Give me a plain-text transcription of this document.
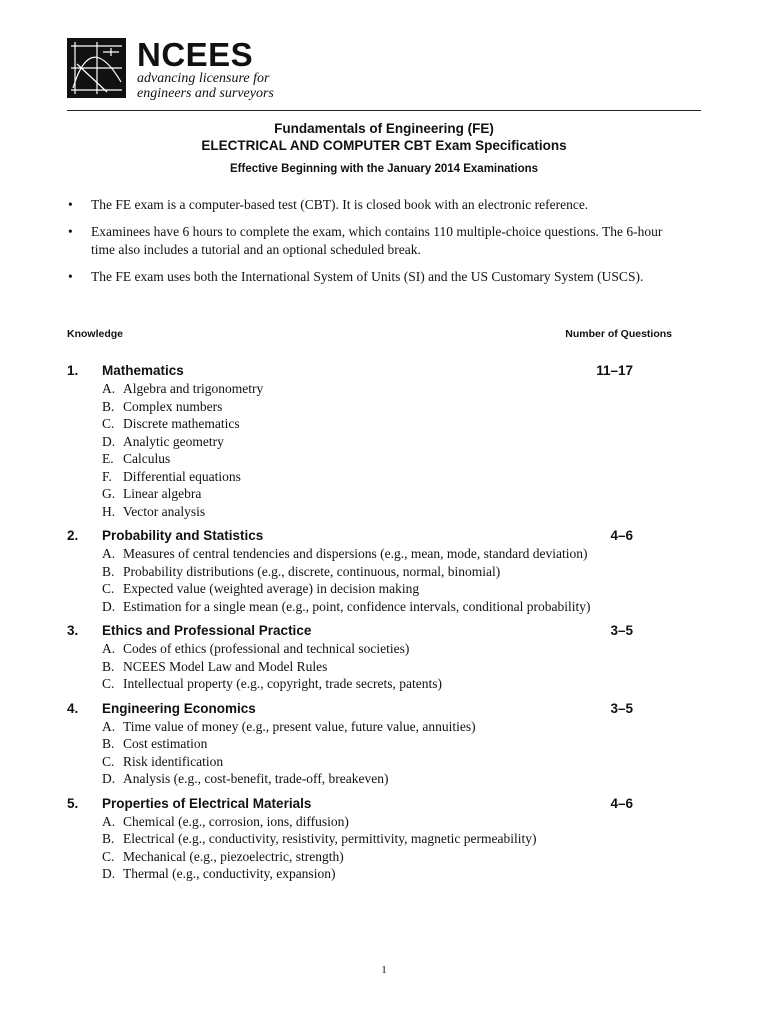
NCEES
advancing licensure for engineers and surveyors
Fundamentals of Engineering (FE)
ELECTRICAL AND COMPUTER CBT Exam Specifications
Effective Beginning with the January 2014 Examinations
• The FE exam is a computer-based test (CBT). It is closed book with an electronic reference.
• Examinees have 6 hours to complete the exam, which contains 110 multiple-choice questions. The 6-hour time also includes a tutorial and an optional scheduled break.
• The FE exam uses both the International System of Units (SI) and the US Customary System (USCS).
Knowledge	Number of Questions
1. Mathematics	11–17
A. Algebra and trigonometry
B. Complex numbers
C. Discrete mathematics
D. Analytic geometry
E. Calculus
F. Differential equations
G. Linear algebra
H. Vector analysis
2. Probability and Statistics	4–6
A. Measures of central tendencies and dispersions (e.g., mean, mode, standard deviation)
B. Probability distributions (e.g., discrete, continuous, normal, binomial)
C. Expected value (weighted average) in decision making
D. Estimation for a single mean (e.g., point, confidence intervals, conditional probability)
3. Ethics and Professional Practice	3–5
A. Codes of ethics (professional and technical societies)
B. NCEES Model Law and Model Rules
C. Intellectual property (e.g., copyright, trade secrets, patents)
4. Engineering Economics	3–5
A. Time value of money (e.g., present value, future value, annuities)
B. Cost estimation
C. Risk identification
D. Analysis (e.g., cost-benefit, trade-off, breakeven)
5. Properties of Electrical Materials	4–6
A. Chemical (e.g., corrosion, ions, diffusion)
B. Electrical (e.g., conductivity, resistivity, permittivity, magnetic permeability)
C. Mechanical (e.g., piezoelectric, strength)
D. Thermal (e.g., conductivity, expansion)
1
